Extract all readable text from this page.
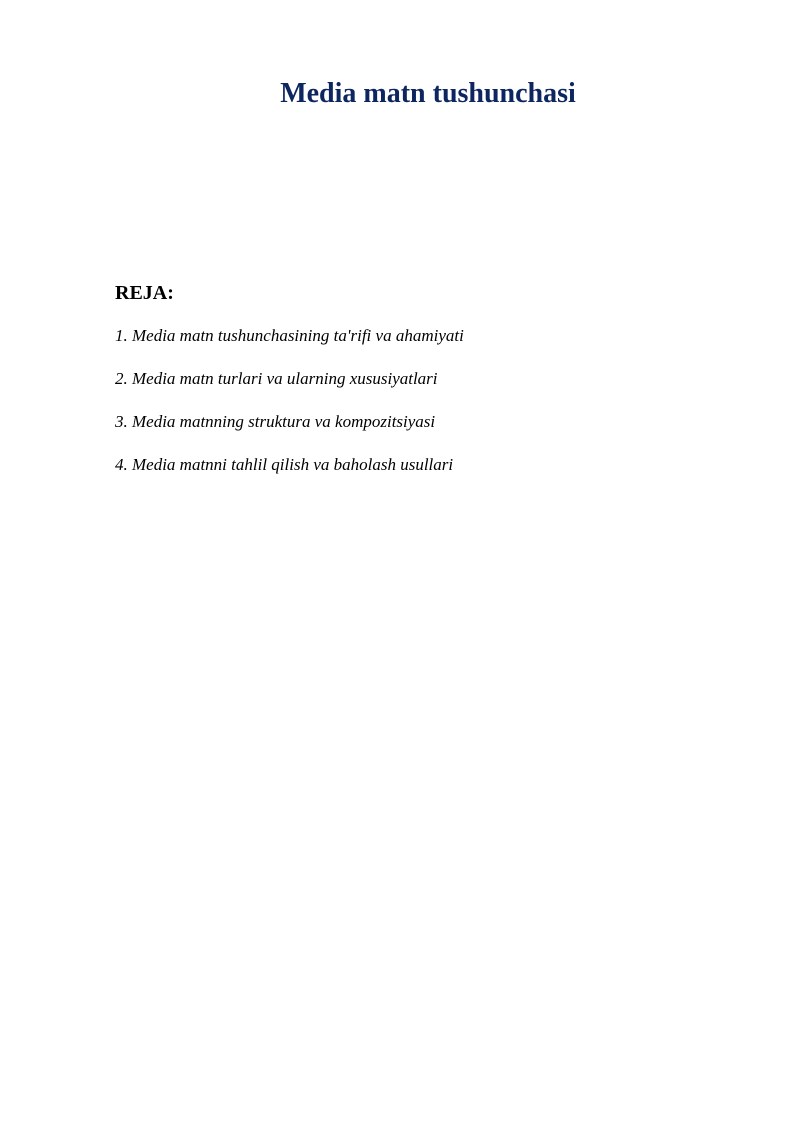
Media matn tushunchasi
REJA:
1. Media matn tushunchasining ta'rifi va ahamiyati
2. Media matn turlari va ularning xususiyatlari
3. Media matnning struktura va kompozitsiyasi
4. Media matnni tahlil qilish va baholash usullari
